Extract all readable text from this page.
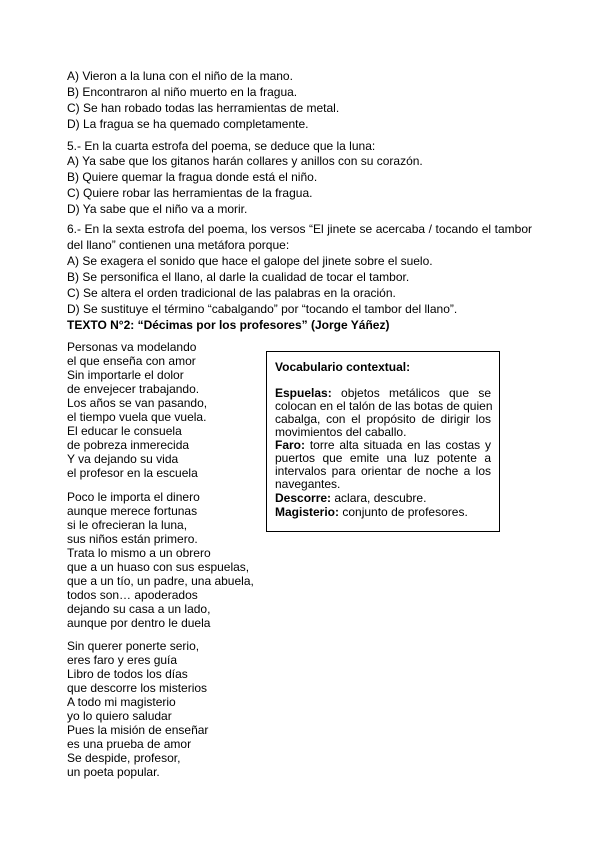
A) Vieron a la luna con el niño de la mano.
B) Encontraron al niño muerto en la fragua.
C) Se han robado todas las herramientas de metal.
D) La fragua se ha quemado completamente.
5.- En la cuarta estrofa del poema, se deduce que la luna:
A) Ya sabe que los gitanos harán collares y anillos con su corazón.
B) Quiere quemar la fragua donde está el niño.
C) Quiere robar las herramientas de la fragua.
D) Ya sabe que el niño va a morir.
6.- En la sexta estrofa del poema, los versos “El jinete se acercaba / tocando el tambor
del llano” contienen una metáfora porque:
A) Se exagera el sonido que hace el galope del jinete sobre el suelo.
B) Se personifica el llano, al darle la cualidad de tocar el tambor.
C) Se altera el orden tradicional de las palabras en la oración.
D) Se sustituye el término “cabalgando” por “tocando el tambor del llano”.
TEXTO N°2: “Décimas por los profesores” (Jorge Yáñez)
Personas va modelando
el que enseña con amor
Sin importarle el dolor
de envejecer trabajando.
Los años se van pasando,
el tiempo vuela que vuela.
El educar le consuela
de pobreza inmerecida
Y va dejando su vida
el profesor en la escuela
Poco le importa el dinero
aunque merece fortunas
si le ofrecieran la luna,
sus niños están primero.
Trata lo mismo a un obrero
que a un huaso con sus espuelas,
que a un tío, un padre, una abuela,
todos son… apoderados
dejando su casa a un lado,
aunque por dentro le duela
Sin querer ponerte serio,
eres faro y eres guía
Libro de todos los días
que descorre los misterios
A todo mi magisterio
yo lo quiero saludar
Pues la misión de enseñar
es una prueba de amor
Se despide, profesor,
un poeta popular.
Vocabulario contextual:
Espuelas: objetos metálicos que se
colocan en el talón de las botas de quien
cabalga, con el propósito de dirigir los
movimientos del caballo.
Faro: torre alta situada en las costas y
puertos que emite una luz potente a
intervalos para orientar de noche a los
navegantes.
Descorre: aclara, descubre.
Magisterio: conjunto de profesores.
